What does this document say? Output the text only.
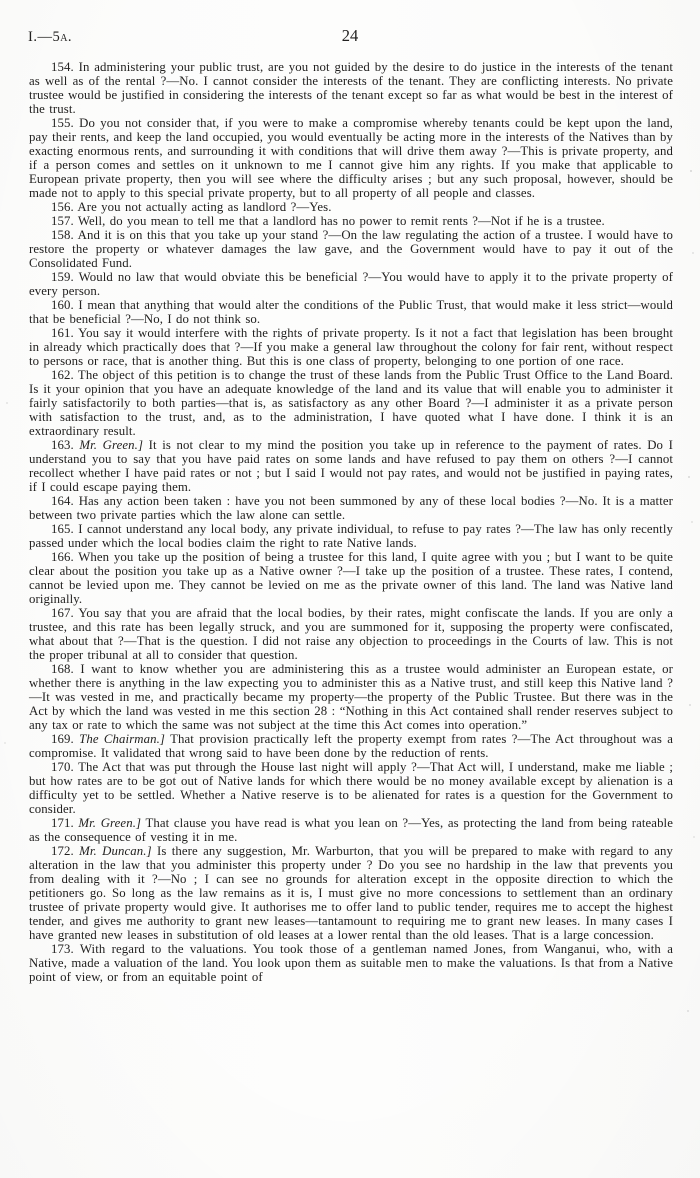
I.—5a.	24

154. In administering your public trust, are you not guided by the desire to do justice in the interests of the tenant as well as of the rental ?—No. I cannot consider the interests of the tenant. They are conflicting interests. No private trustee would be justified in considering the interests of the tenant except so far as what would be best in the interest of the trust.

155. Do you not consider that, if you were to make a compromise whereby tenants could be kept upon the land, pay their rents, and keep the land occupied, you would eventually be acting more in the interests of the Natives than by exacting enormous rents, and surrounding it with conditions that will drive them away ?—This is private property, and if a person comes and settles on it unknown to me I cannot give him any rights. If you make that applicable to European private property, then you will see where the difficulty arises ; but any such proposal, however, should be made not to apply to this special private property, but to all property of all people and classes.

156. Are you not actually acting as landlord ?—Yes.

157. Well, do you mean to tell me that a landlord has no power to remit rents ?—Not if he is a trustee.

158. And it is on this that you take up your stand ?—On the law regulating the action of a trustee. I would have to restore the property or whatever damages the law gave, and the Government would have to pay it out of the Consolidated Fund.

159. Would no law that would obviate this be beneficial ?—You would have to apply it to the private property of every person.

160. I mean that anything that would alter the conditions of the Public Trust, that would make it less strict—would that be beneficial ?—No, I do not think so.

161. You say it would interfere with the rights of private property. Is it not a fact that legislation has been brought in already which practically does that ?—If you make a general law throughout the colony for fair rent, without respect to persons or race, that is another thing. But this is one class of property, belonging to one portion of one race.

162. The object of this petition is to change the trust of these lands from the Public Trust Office to the Land Board. Is it your opinion that you have an adequate knowledge of the land and its value that will enable you to administer it fairly satisfactorily to both parties—that is, as satisfactory as any other Board ?—I administer it as a private person with satisfaction to the trust, and, as to the administration, I have quoted what I have done. I think it is an extraordinary result.

163. Mr. Green.] It is not clear to my mind the position you take up in reference to the payment of rates. Do I understand you to say that you have paid rates on some lands and have refused to pay them on others ?—I cannot recollect whether I have paid rates or not ; but I said I would not pay rates, and would not be justified in paying rates, if I could escape paying them.

164. Has any action been taken : have you not been summoned by any of these local bodies ?—No. It is a matter between two private parties which the law alone can settle.

165. I cannot understand any local body, any private individual, to refuse to pay rates ?—The law has only recently passed under which the local bodies claim the right to rate Native lands.

166. When you take up the position of being a trustee for this land, I quite agree with you ; but I want to be quite clear about the position you take up as a Native owner ?—I take up the position of a trustee. These rates, I contend, cannot be levied upon me. They cannot be levied on me as the private owner of this land. The land was Native land originally.

167. You say that you are afraid that the local bodies, by their rates, might confiscate the lands. If you are only a trustee, and this rate has been legally struck, and you are summoned for it, supposing the property were confiscated, what about that ?—That is the question. I did not raise any objection to proceedings in the Courts of law. This is not the proper tribunal at all to consider that question.

168. I want to know whether you are administering this as a trustee would administer an European estate, or whether there is anything in the law expecting you to administer this as a Native trust, and still keep this Native land ?—It was vested in me, and practically became my property—the property of the Public Trustee. But there was in the Act by which the land was vested in me this section 28 : “Nothing in this Act contained shall render reserves subject to any tax or rate to which the same was not subject at the time this Act comes into operation.”

169. The Chairman.] That provision practically left the property exempt from rates ?—The Act throughout was a compromise. It validated that wrong said to have been done by the reduction of rents.

170. The Act that was put through the House last night will apply ?—That Act will, I understand, make me liable ; but how rates are to be got out of Native lands for which there would be no money available except by alienation is a difficulty yet to be settled. Whether a Native reserve is to be alienated for rates is a question for the Government to consider.

171. Mr. Green.] That clause you have read is what you lean on ?—Yes, as protecting the land from being rateable as the consequence of vesting it in me.

172. Mr. Duncan.] Is there any suggestion, Mr. Warburton, that you will be prepared to make with regard to any alteration in the law that you administer this property under ? Do you see no hardship in the law that prevents you from dealing with it ?—No ; I can see no grounds for alteration except in the opposite direction to which the petitioners go. So long as the law remains as it is, I must give no more concessions to settlement than an ordinary trustee of private property would give. It authorises me to offer land to public tender, requires me to accept the highest tender, and gives me authority to grant new leases—tantamount to requiring me to grant new leases. In many cases I have granted new leases in substitution of old leases at a lower rental than the old leases. That is a large concession.

173. With regard to the valuations. You took those of a gentleman named Jones, from Wanganui, who, with a Native, made a valuation of the land. You look upon them as suitable men to make the valuations. Is that from a Native point of view, or from an equitable point of
